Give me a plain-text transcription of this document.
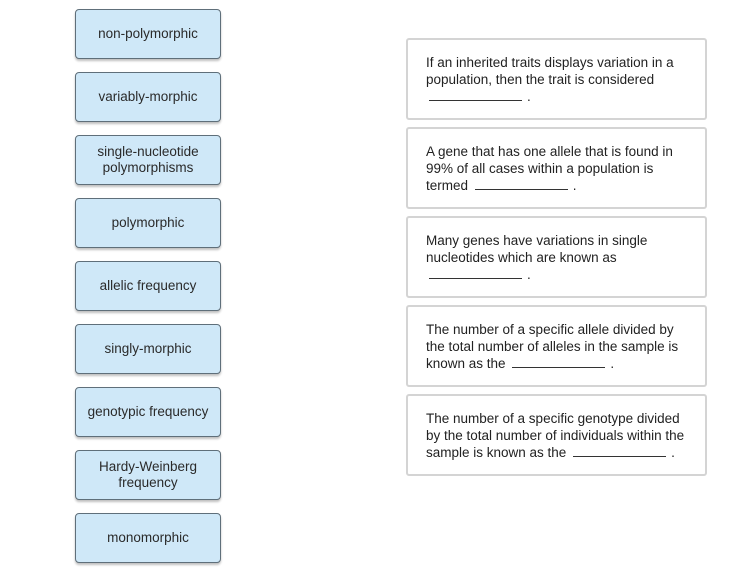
non-polymorphic
variably-morphic
single-nucleotide
polymorphisms
polymorphic
allelic frequency
singly-morphic
genotypic frequency
Hardy-Weinberg
frequency
monomorphic
If an inherited traits displays variation in a population, then the trait is considered
.
A gene that has one allele that is found in 99% of all cases within a population is termed	.
Many genes have variations in single nucleotides which are known as
.
The number of a specific allele divided by the total number of alleles in the sample is known as the	.
The number of a specific genotype divided by the total number of individuals within the sample is known as the	.
